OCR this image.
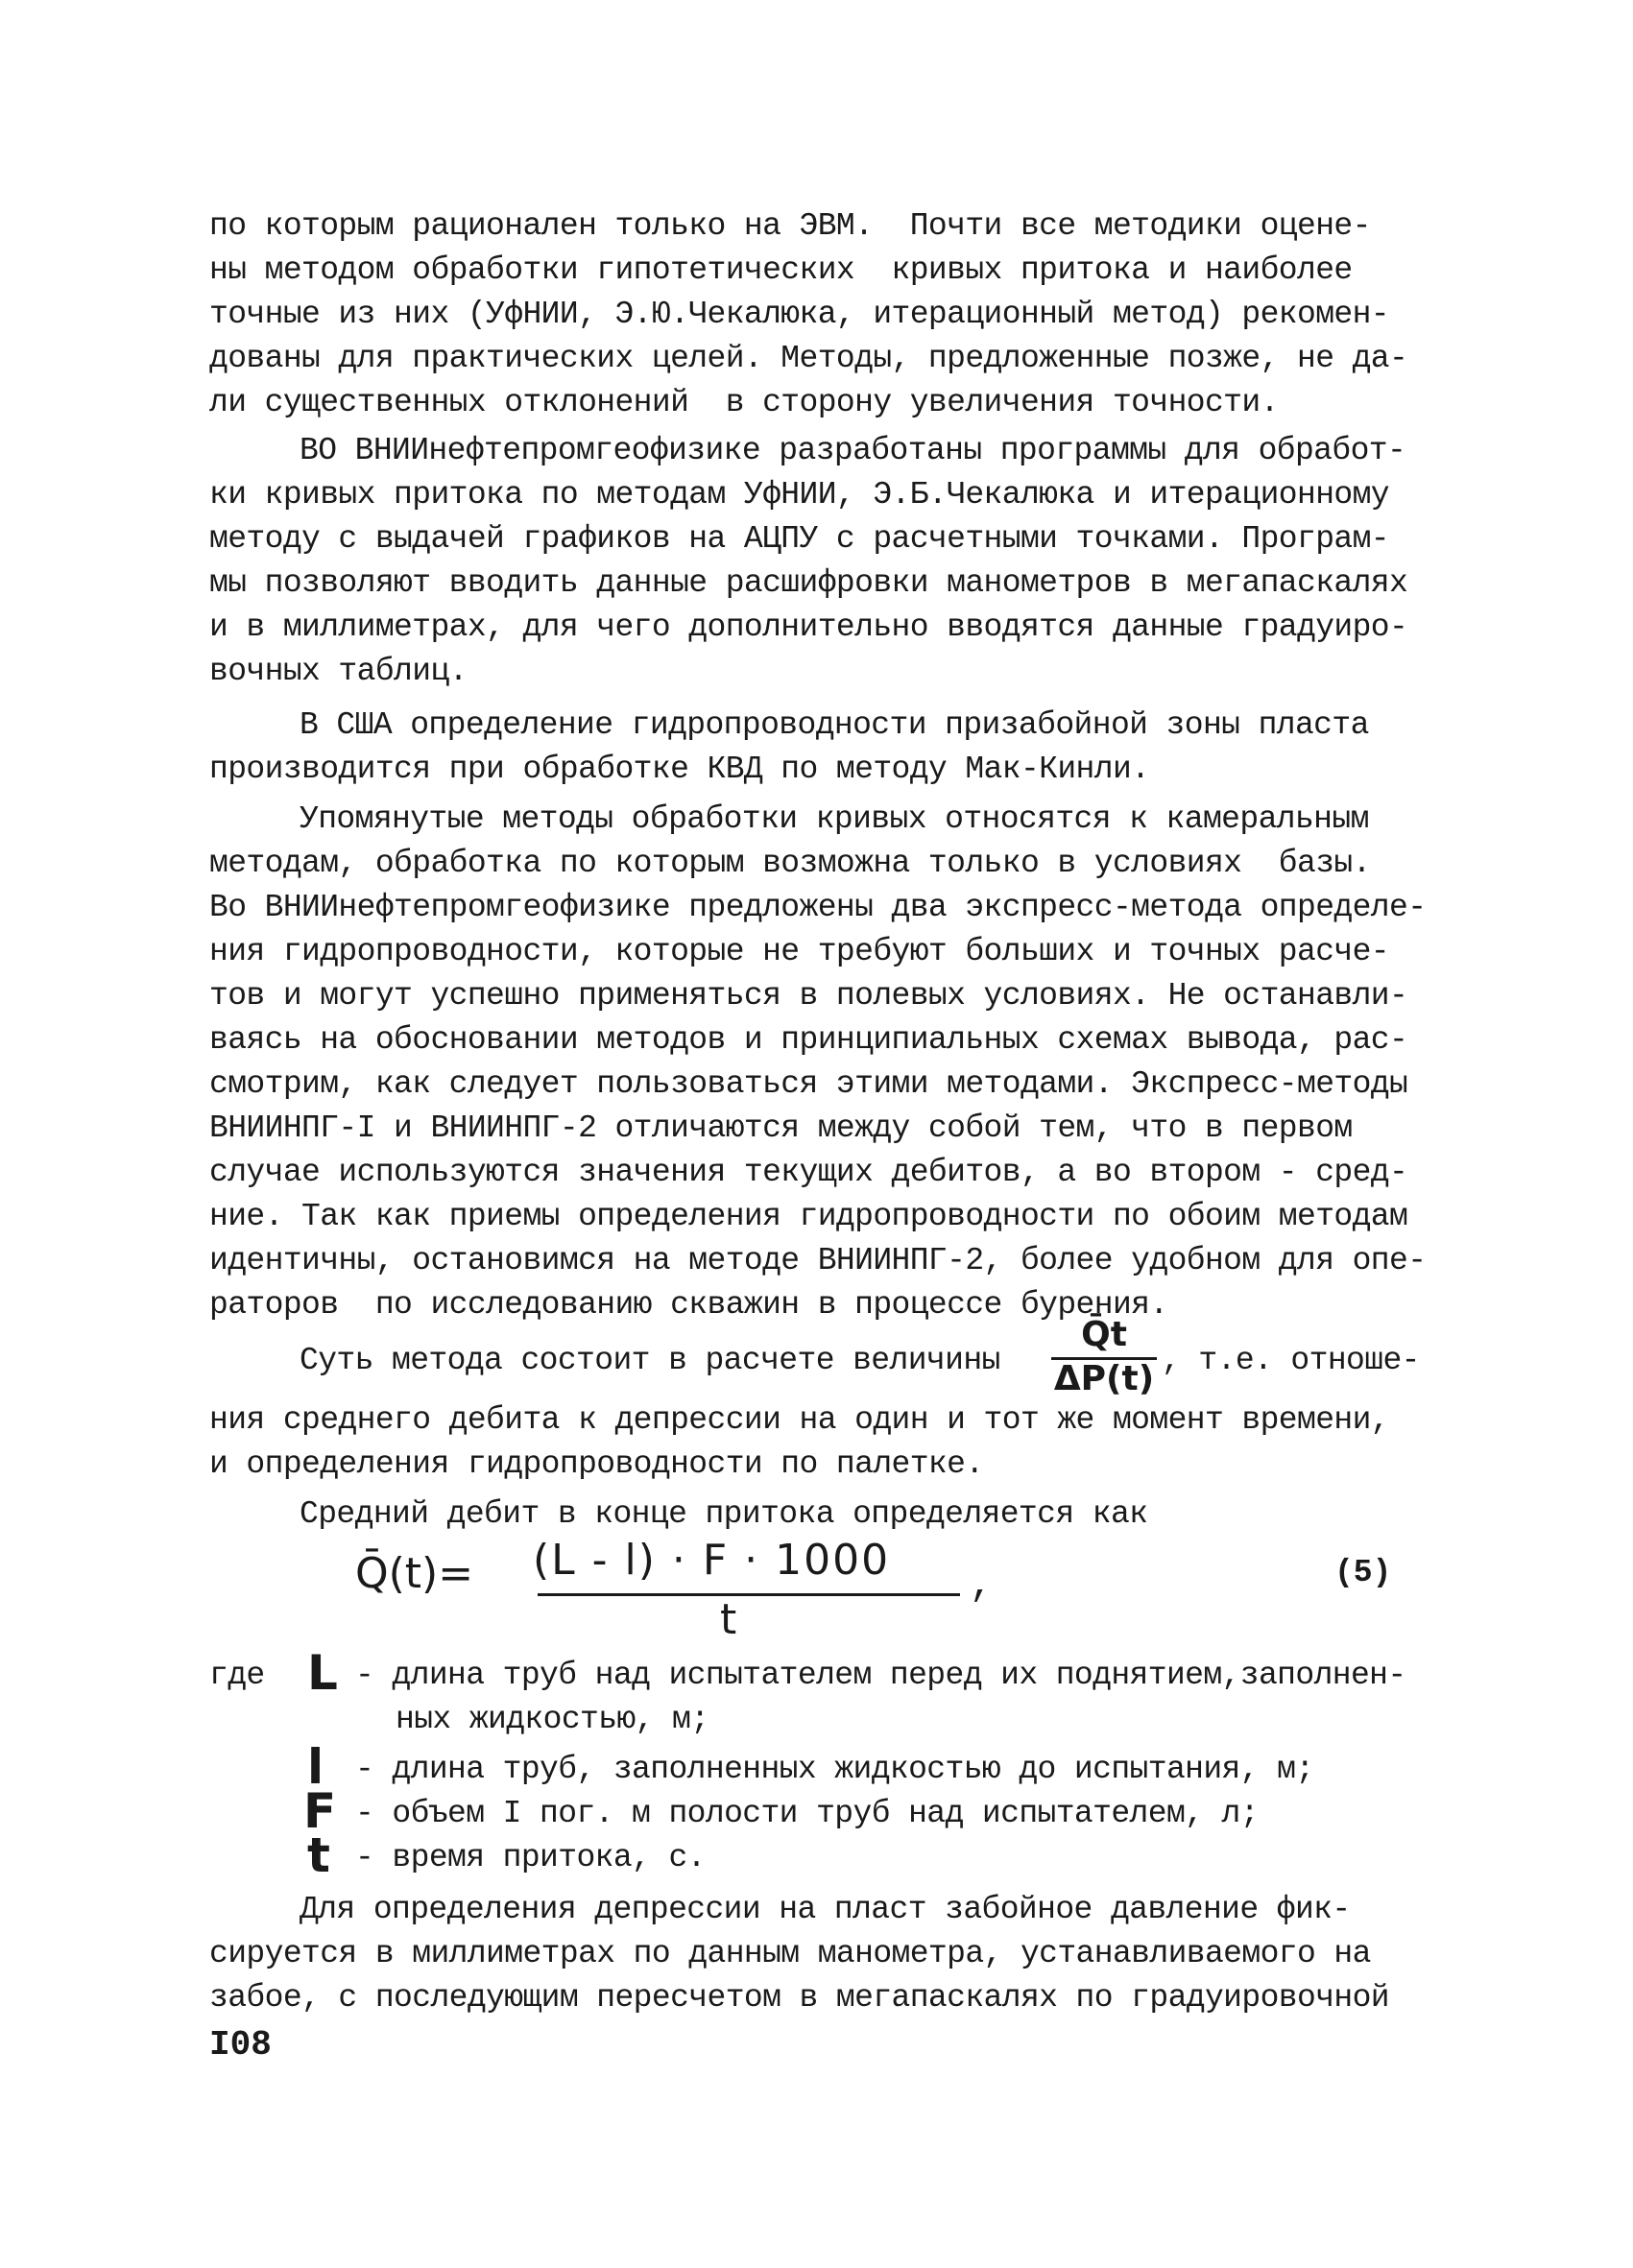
по которым рационален только на ЭВМ.  Почти все методики оцене-
ны методом обработки гипотетических  кривых притока и наиболее
точные из них (УфНИИ, Э.Ю.Чекалюка, итерационный метод) рекомен-
дованы для практических целей. Методы, предложенные позже, не да-
ли существенных отклонений  в сторону увеличения точности.
ВО ВНИИнефтепромгеофизике разработаны программы для обработ-
ки кривых притока по методам УфНИИ, Э.Б.Чекалюка и итерационному
методу с выдачей графиков на АЦПУ с расчетными точками. Програм-
мы позволяют вводить данные расшифровки манометров в мегапаскалях
и в миллиметрах, для чего дополнительно вводятся данные градуиро-
вочных таблиц.
В США определение гидропроводности призабойной зоны пласта
производится при обработке КВД по методу Мак-Кинли.
Упомянутые методы обработки кривых относятся к камеральным
методам, обработка по которым возможна только в условиях  базы.
Во ВНИИнефтепромгеофизике предложены два экспресс-метода определе-
ния гидропроводности, которые не требуют больших и точных расче-
тов и могут успешно применяться в полевых условиях. Не останавли-
ваясь на обосновании методов и принципиальных схемах вывода, рас-
смотрим, как следует пользоваться этими методами. Экспресс-методы
ВНИИНПГ-I и ВНИИНПГ-2 отличаются между собой тем, что в первом
случае используются значения текущих дебитов, а во втором - сред-
ние. Так как приемы определения гидропроводности по обоим методам
идентичны, остановимся на методе ВНИИНПГ-2, более удобном для опе-
раторов  по исследованию скважин в процессе бурения.
Суть метода состоит в расчете величины
Q̄t
ΔP(t) , т.е. отноше-
ния среднего дебита к депрессии на один и тот же момент времени,
и определения гидропроводности по палетке.
Средний дебит в конце притока определяется как
Q̄(t)= (L - l) · F · 1000
t
,	(5)
где L - длина труб над испытателем перед их поднятием,заполнен-
ных жидкостью, м;
l - длина труб, заполненных жидкостью до испытания, м;
F - объем I пог. м полости труб над испытателем, л;
t - время притока, с.
Для определения депрессии на пласт забойное давление фик-
сируется в миллиметрах по данным манометра, устанавливаемого на
забое, с последующим пересчетом в мегапаскалях по градуировочной
I08
